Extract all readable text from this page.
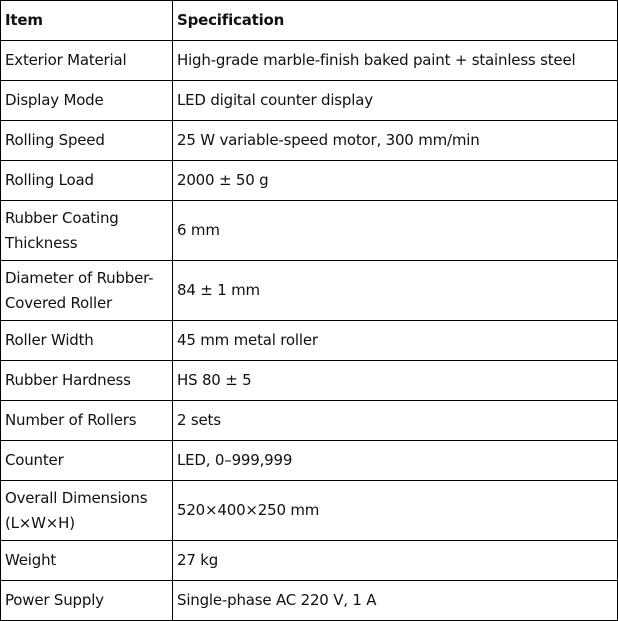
Item	Specification
Exterior Material	High-grade marble-finish baked paint + stainless steel
Display Mode	LED digital counter display
Rolling Speed	25 W variable-speed motor, 300 mm/min
Rolling Load	2000 ± 50 g
Rubber Coating Thickness	6 mm
Diameter of Rubber-Covered Roller	84 ± 1 mm
Roller Width	45 mm metal roller
Rubber Hardness	HS 80 ± 5
Number of Rollers	2 sets
Counter	LED, 0–999,999
Overall Dimensions (L×W×H)	520×400×250 mm
Weight	27 kg
Power Supply	Single-phase AC 220 V, 1 A
